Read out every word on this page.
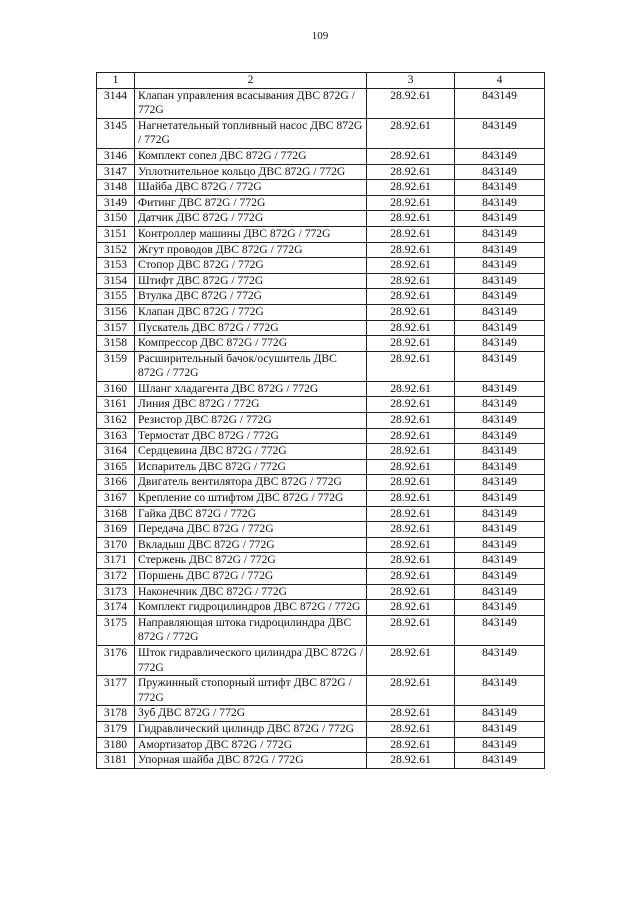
109
1	2	3	4
3144	Клапан управления всасывания ДВС 872G / 772G	28.92.61	843149
3145	Нагнетательный топливный насос ДВС 872G / 772G	28.92.61	843149
3146	Комплект сопел ДВС 872G / 772G	28.92.61	843149
3147	Уплотнительное кольцо ДВС 872G / 772G	28.92.61	843149
3148	Шайба ДВС 872G / 772G	28.92.61	843149
3149	Фитинг ДВС 872G / 772G	28.92.61	843149
3150	Датчик ДВС 872G / 772G	28.92.61	843149
3151	Контроллер машины ДВС 872G / 772G	28.92.61	843149
3152	Жгут проводов ДВС 872G / 772G	28.92.61	843149
3153	Стопор ДВС 872G / 772G	28.92.61	843149
3154	Штифт ДВС 872G / 772G	28.92.61	843149
3155	Втулка ДВС 872G / 772G	28.92.61	843149
3156	Клапан ДВС 872G / 772G	28.92.61	843149
3157	Пускатель ДВС 872G / 772G	28.92.61	843149
3158	Компрессор ДВС 872G / 772G	28.92.61	843149
3159	Расширительный бачок/осушитель ДВС 872G / 772G	28.92.61	843149
3160	Шланг хладагента ДВС 872G / 772G	28.92.61	843149
3161	Линия ДВС 872G / 772G	28.92.61	843149
3162	Резистор ДВС 872G / 772G	28.92.61	843149
3163	Термостат ДВС 872G / 772G	28.92.61	843149
3164	Сердцевина ДВС 872G / 772G	28.92.61	843149
3165	Испаритель ДВС 872G / 772G	28.92.61	843149
3166	Двигатель вентилятора ДВС 872G / 772G	28.92.61	843149
3167	Крепление со штифтом ДВС 872G / 772G	28.92.61	843149
3168	Гайка ДВС 872G / 772G	28.92.61	843149
3169	Передача ДВС 872G / 772G	28.92.61	843149
3170	Вкладыш ДВС 872G / 772G	28.92.61	843149
3171	Стержень ДВС 872G / 772G	28.92.61	843149
3172	Поршень ДВС 872G / 772G	28.92.61	843149
3173	Наконечник ДВС 872G / 772G	28.92.61	843149
3174	Комплект гидроцилиндров ДВС 872G / 772G	28.92.61	843149
3175	Направляющая штока гидроцилиндра ДВС 872G / 772G	28.92.61	843149
3176	Шток гидравлического цилиндра ДВС 872G / 772G	28.92.61	843149
3177	Пружинный стопорный штифт ДВС 872G / 772G	28.92.61	843149
3178	Зуб ДВС 872G / 772G	28.92.61	843149
3179	Гидравлический цилиндр ДВС 872G / 772G	28.92.61	843149
3180	Амортизатор ДВС 872G / 772G	28.92.61	843149
3181	Упорная шайба ДВС 872G / 772G	28.92.61	843149
